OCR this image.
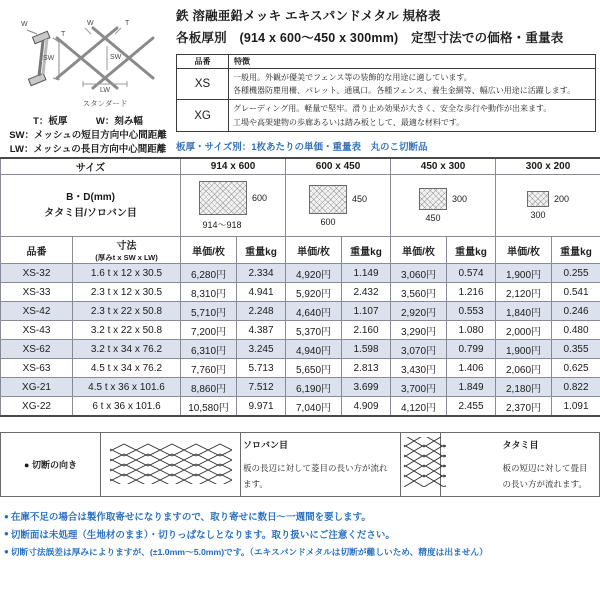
W
T
SW
W	T
SW
LW
スタンダード
T：板厚　　　W：刻み幅
SW：メッシュの短目方向中心間距離
LW：メッシュの長目方向中心間距離
鉄 溶融亜鉛メッキ エキスパンドメタル 規格表
各板厚別　(914 x 600〜450 x 300mm)　定型寸法での価格・重量表
品番	特徴
XS	一般用。外観が優美でフェンス等の装飾的な用途に適しています。
各種機器防塵用柵、パレット、通風口。各種フェンス、養生金網等、幅広い用途に活躍します。

XG	グレーディング用。軽量で堅牢。滑り止め効果が大きく、安全な歩行や動作が出来ます。
工場や高架建物の歩廊あるいは踏み板として、最適な材料です。
板厚・サイズ別：1枚あたりの単価・重量表　丸のこ切断品
サイズ		914 x 600		600 x 450		450 x 300		300 x 200	

B・D(mm)
タタミ目/ソロバン目

600
914〜918

450
600

300
450

200
300

品番	寸法
(厚みt x SW x LW)	単価/枚	重量kg	単価/枚	重量kg	単価/枚	重量kg	単価/枚	重量kg
XS-32	1.6 t x 12 x 30.5	6,280円	2.334	4,920円	1.149	3,060円	0.574	1,900円	0.255
XS-33	2.3 t x 12 x 30.5	8,310円	4.941	5,920円	2.432	3,560円	1.216	2,120円	0.541
XS-42	2.3 t x 22 x 50.8	5,710円	2.248	4,640円	1.107	2,920円	0.553	1,840円	0.246
XS-43	3.2 t x 22 x 50.8	7,200円	4.387	5,370円	2.160	3,290円	1.080	2,000円	0.480
XS-62	3.2 t x 34 x 76.2	6,310円	3.245	4,940円	1.598	3,070円	0.799	1,900円	0.355
XS-63	4.5 t x 34 x 76.2	7,760円	5.713	5,650円	2.813	3,430円	1.406	2,060円	0.625
XG-21	4.5 t x 36 x 101.6	8,860円	7.512	6,190円	3.699	3,700円	1.849	2,180円	0.822
XG-22	6 t x 36 x 101.6	10,580円	9.971	7,040円	4.909	4,120円	2.455	2,370円	1.091
● 切断の向き		
ソロバン目
板の長辺に対して菱目の長い方が流れます。			
タタミ目
板の短辺に対して畳目の長い方が流れます。
● 在庫不足の場合は製作取寄せになりますので、取り寄せに数日〜一週間を要します。
● 切断面は未処理（生地材のまま）・切りっぱなしとなります。取り扱いにご注意ください。
● 切断寸法誤差は厚みによりますが、(±1.0mm〜5.0mm)です。（エキスパンドメタルは切断が難しいため、精度は出ません）
